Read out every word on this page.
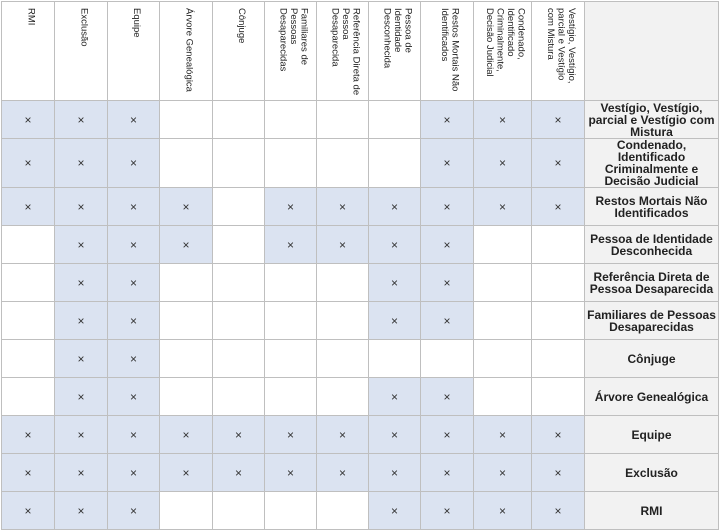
RMI	Exclusão	Equipe	Árvore Genealógica	Cônjuge	Familiares de
Pessoas
Desaparecidas	Referência Direta de
Pessoa
Desaparecida	Pessoa de
Identidade
Desconhecida	Restos Mortais Não
Identificados	Condenado,
Identificado
Criminalmente,
Decisão Judicial	Vestígio, Vestígio,
parcial e Vestígio
com Mistura	
×	×	×						×	×	×	Vestígio, Vestígio, parcial e Vestígio com Mistura
×	×	×						×	×	×	Condenado, Identificado Criminalmente e Decisão Judicial
×	×	×	×		×	×	×	×	×	×	Restos Mortais Não Identificados
	×	×	×		×	×	×	×			Pessoa de Identidade Desconhecida
	×	×					×	×			Referência Direta de Pessoa Desaparecida
	×	×					×	×			Familiares de Pessoas Desaparecidas
	×	×									Cônjuge
	×	×					×	×			Árvore Genealógica
×	×	×	×	×	×	×	×	×	×	×	Equipe
×	×	×	×	×	×	×	×	×	×	×	Exclusão
×	×	×					×	×	×	×	RMI
